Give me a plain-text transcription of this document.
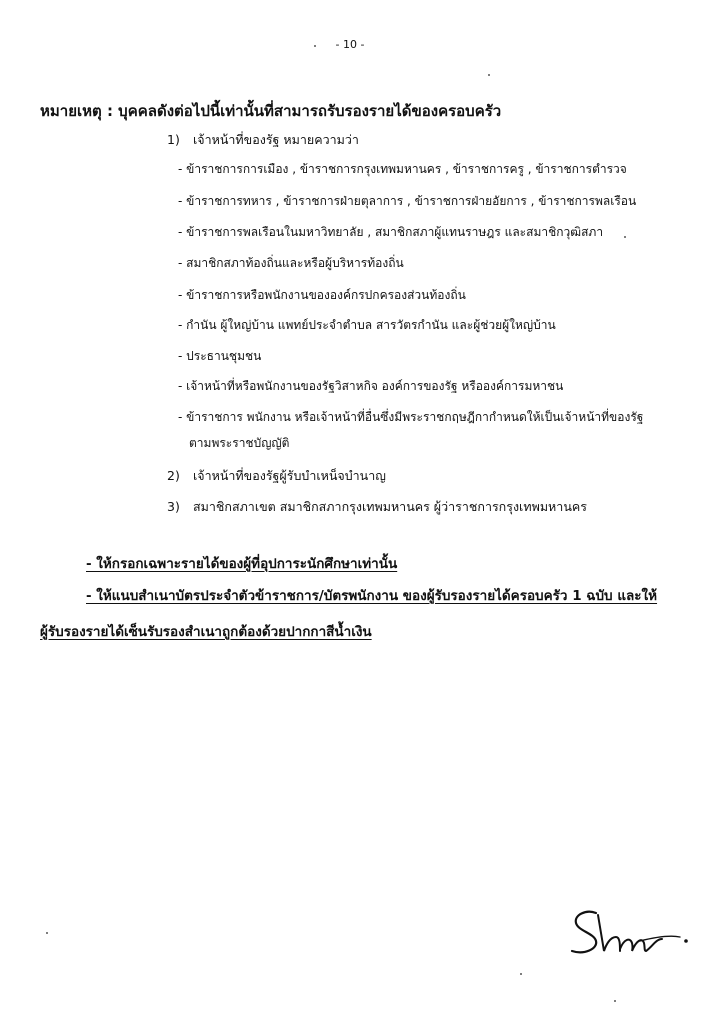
- 10 -
หมายเหตุ : บุคคลดังต่อไปนี้เท่านั้นที่สามารถรับรองรายได้ของครอบครัว
1) เจ้าหน้าที่ของรัฐ หมายความว่า
- ข้าราชการการเมือง , ข้าราชการกรุงเทพมหานคร , ข้าราชการครู , ข้าราชการตำรวจ
- ข้าราชการทหาร , ข้าราชการฝ่ายตุลาการ , ข้าราชการฝ่ายอัยการ , ข้าราชการพลเรือน
- ข้าราชการพลเรือนในมหาวิทยาลัย , สมาชิกสภาผู้แทนราษฎร และสมาชิกวุฒิสภา
- สมาชิกสภาท้องถิ่นและหรือผู้บริหารท้องถิ่น
- ข้าราชการหรือพนักงานขององค์กรปกครองส่วนท้องถิ่น
- กำนัน ผู้ใหญ่บ้าน แพทย์ประจำตำบล สารวัตรกำนัน และผู้ช่วยผู้ใหญ่บ้าน
- ประธานชุมชน
- เจ้าหน้าที่หรือพนักงานของรัฐวิสาหกิจ องค์การของรัฐ หรือองค์การมหาชน
- ข้าราชการ พนักงาน หรือเจ้าหน้าที่อื่นซึ่งมีพระราชกฤษฎีกากำหนดให้เป็นเจ้าหน้าที่ของรัฐ
ตามพระราชบัญญัติ
2) เจ้าหน้าที่ของรัฐผู้รับบำเหน็จบำนาญ
3) สมาชิกสภาเขต สมาชิกสภากรุงเทพมหานคร ผู้ว่าราชการกรุงเทพมหานคร
- ให้กรอกเฉพาะรายได้ของผู้ที่อุปการะนักศึกษาเท่านั้น
- ให้แนบสำเนาบัตรประจำตัวข้าราชการ/บัตรพนักงาน ของผู้รับรองรายได้ครอบครัว 1 ฉบับ และให้
ผู้รับรองรายได้เซ็นรับรองสำเนาถูกต้องด้วยปากกาสีน้ำเงิน
